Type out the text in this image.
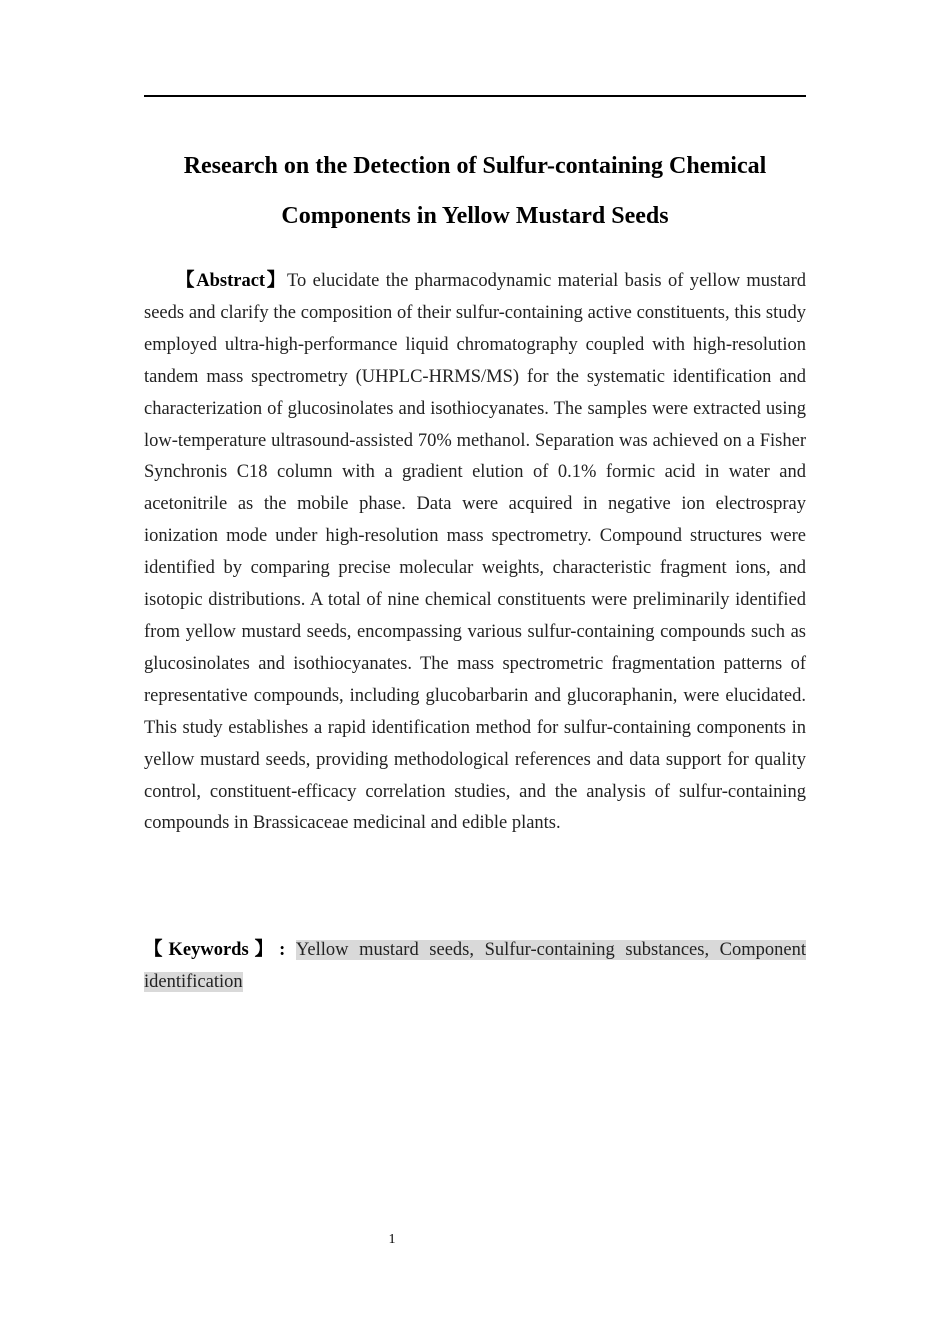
Research on the Detection of Sulfur-containing Chemical Components in Yellow Mustard Seeds

【Abstract】To elucidate the pharmacodynamic material basis of yellow mustard seeds and clarify the composition of their sulfur-containing active constituents, this study employed ultra-high-performance liquid chromatography coupled with high-resolution tandem mass spectrometry (UHPLC-HRMS/MS) for the systematic identification and characterization of glucosinolates and isothiocyanates. The samples were extracted using low-temperature ultrasound-assisted 70% methanol. Separation was achieved on a Fisher Synchronis C18 column with a gradient elution of 0.1% formic acid in water and acetonitrile as the mobile phase. Data were acquired in negative ion electrospray ionization mode under high-resolution mass spectrometry. Compound structures were identified by comparing precise molecular weights, characteristic fragment ions, and isotopic distributions. A total of nine chemical constituents were preliminarily identified from yellow mustard seeds, encompassing various sulfur-containing compounds such as glucosinolates and isothiocyanates. The mass spectrometric fragmentation patterns of representative compounds, including glucobarbarin and glucoraphanin, were elucidated. This study establishes a rapid identification method for sulfur-containing components in yellow mustard seeds, providing methodological references and data support for quality control, constituent-efficacy correlation studies, and the analysis of sulfur-containing compounds in Brassicaceae medicinal and edible plants.

【Keywords】: Yellow mustard seeds, Sulfur-containing substances, Component identification

1
